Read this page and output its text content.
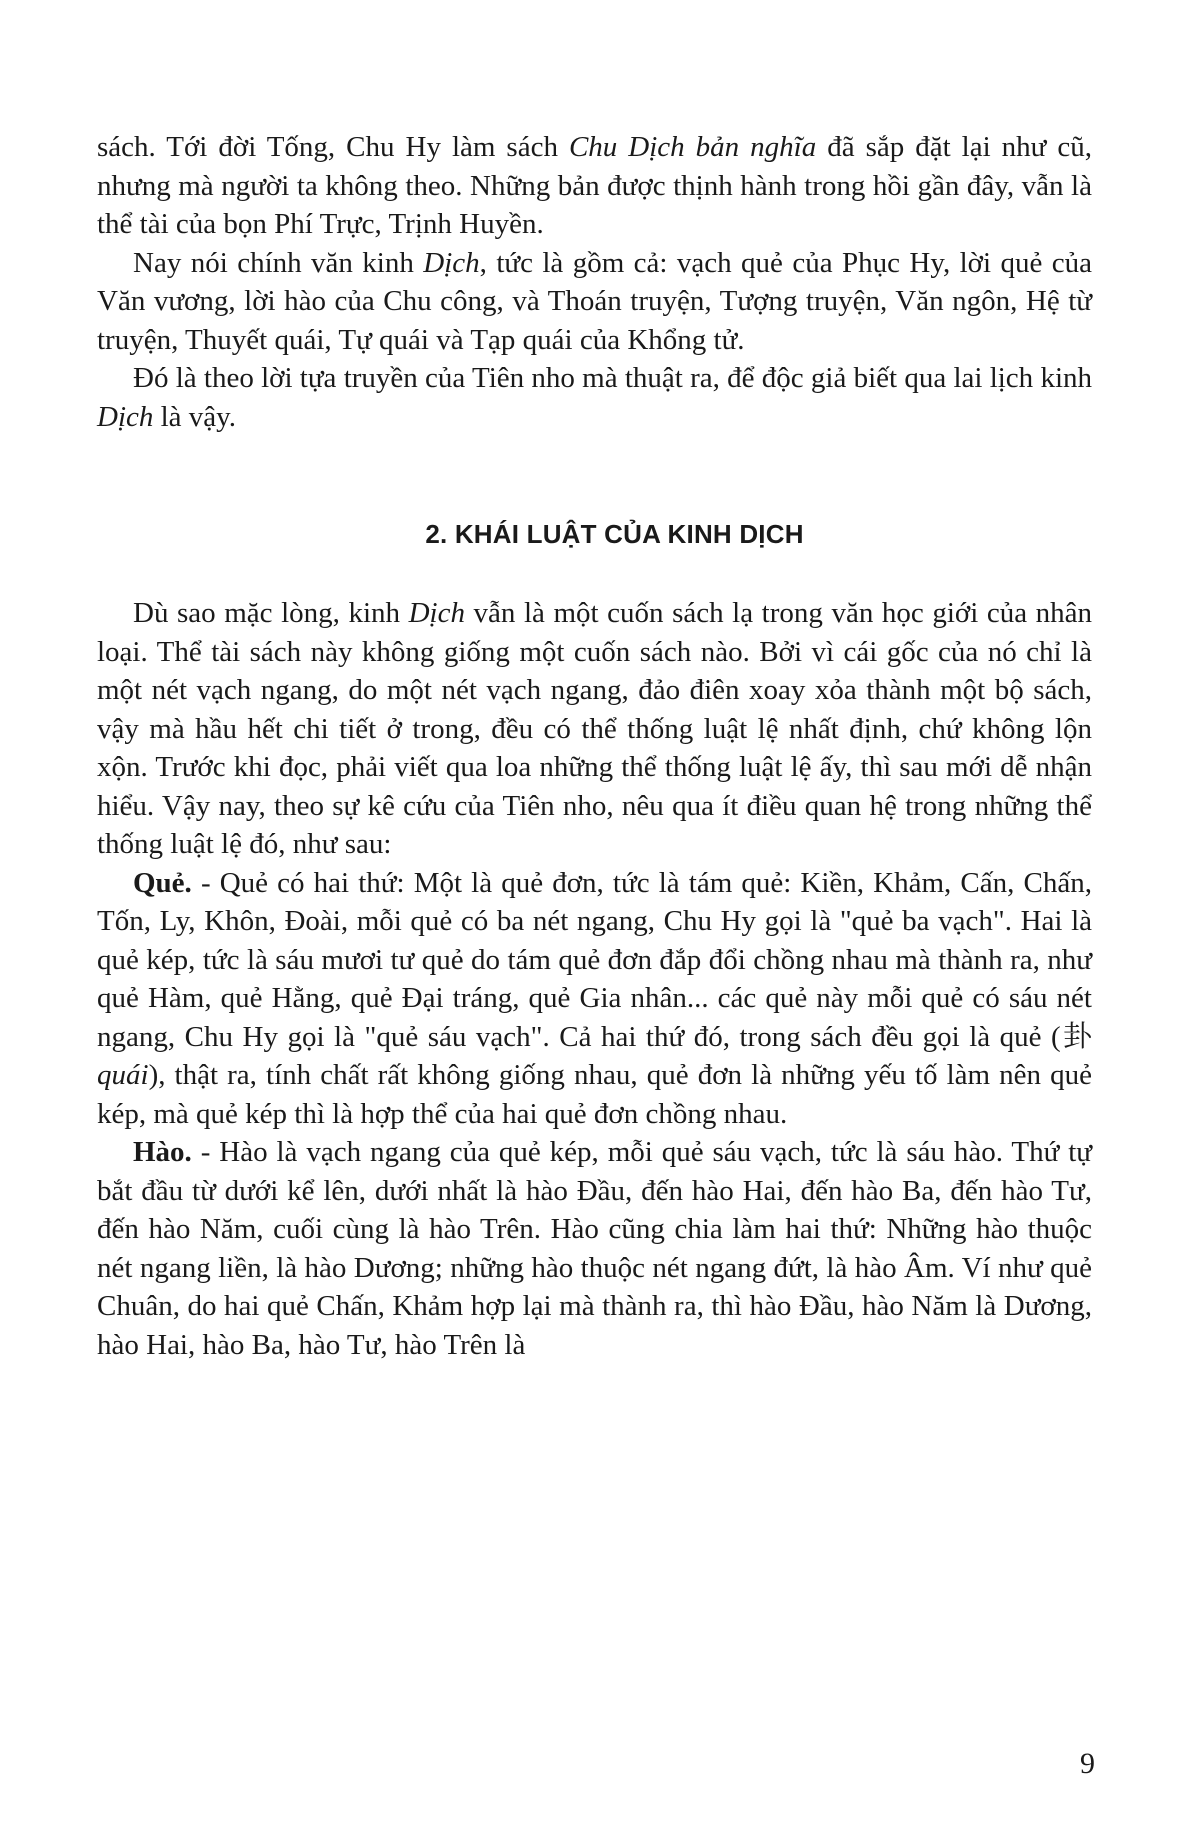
sách. Tới đời Tống, Chu Hy làm sách Chu Dịch bản nghĩa đã sắp đặt lại như cũ, nhưng mà người ta không theo. Những bản được thịnh hành trong hồi gần đây, vẫn là thể tài của bọn Phí Trực, Trịnh Huyền.

Nay nói chính văn kinh Dịch, tức là gồm cả: vạch quẻ của Phục Hy, lời quẻ của Văn vương, lời hào của Chu công, và Thoán truyện, Tượng truyện, Văn ngôn, Hệ từ truyện, Thuyết quái, Tự quái và Tạp quái của Khổng tử.

Đó là theo lời tựa truyền của Tiên nho mà thuật ra, để độc giả biết qua lai lịch kinh Dịch là vậy.

2. KHÁI LUẬT CỦA KINH DỊCH

Dù sao mặc lòng, kinh Dịch vẫn là một cuốn sách lạ trong văn học giới của nhân loại. Thể tài sách này không giống một cuốn sách nào. Bởi vì cái gốc của nó chỉ là một nét vạch ngang, do một nét vạch ngang, đảo điên xoay xỏa thành một bộ sách, vậy mà hầu hết chi tiết ở trong, đều có thể thống luật lệ nhất định, chứ không lộn xộn. Trước khi đọc, phải viết qua loa những thể thống luật lệ ấy, thì sau mới dễ nhận hiểu. Vậy nay, theo sự kê cứu của Tiên nho, nêu qua ít điều quan hệ trong những thể thống luật lệ đó, như sau:

Quẻ. - Quẻ có hai thứ: Một là quẻ đơn, tức là tám quẻ: Kiền, Khảm, Cấn, Chấn, Tốn, Ly, Khôn, Đoài, mỗi quẻ có ba nét ngang, Chu Hy gọi là "quẻ ba vạch". Hai là quẻ kép, tức là sáu mươi tư quẻ do tám quẻ đơn đắp đổi chồng nhau mà thành ra, như quẻ Hàm, quẻ Hằng, quẻ Đại tráng, quẻ Gia nhân... các quẻ này mỗi quẻ có sáu nét ngang, Chu Hy gọi là "quẻ sáu vạch". Cả hai thứ đó, trong sách đều gọi là quẻ (卦quái), thật ra, tính chất rất không giống nhau, quẻ đơn là những yếu tố làm nên quẻ kép, mà quẻ kép thì là hợp thể của hai quẻ đơn chồng nhau.

Hào. - Hào là vạch ngang của quẻ kép, mỗi quẻ sáu vạch, tức là sáu hào. Thứ tự bắt đầu từ dưới kể lên, dưới nhất là hào Đầu, đến hào Hai, đến hào Ba, đến hào Tư, đến hào Năm, cuối cùng là hào Trên. Hào cũng chia làm hai thứ: Những hào thuộc nét ngang liền, là hào Dương; những hào thuộc nét ngang đứt, là hào Âm. Ví như quẻ Chuân, do hai quẻ Chấn, Khảm hợp lại mà thành ra, thì hào Đầu, hào Năm là Dương, hào Hai, hào Ba, hào Tư, hào Trên là

9
